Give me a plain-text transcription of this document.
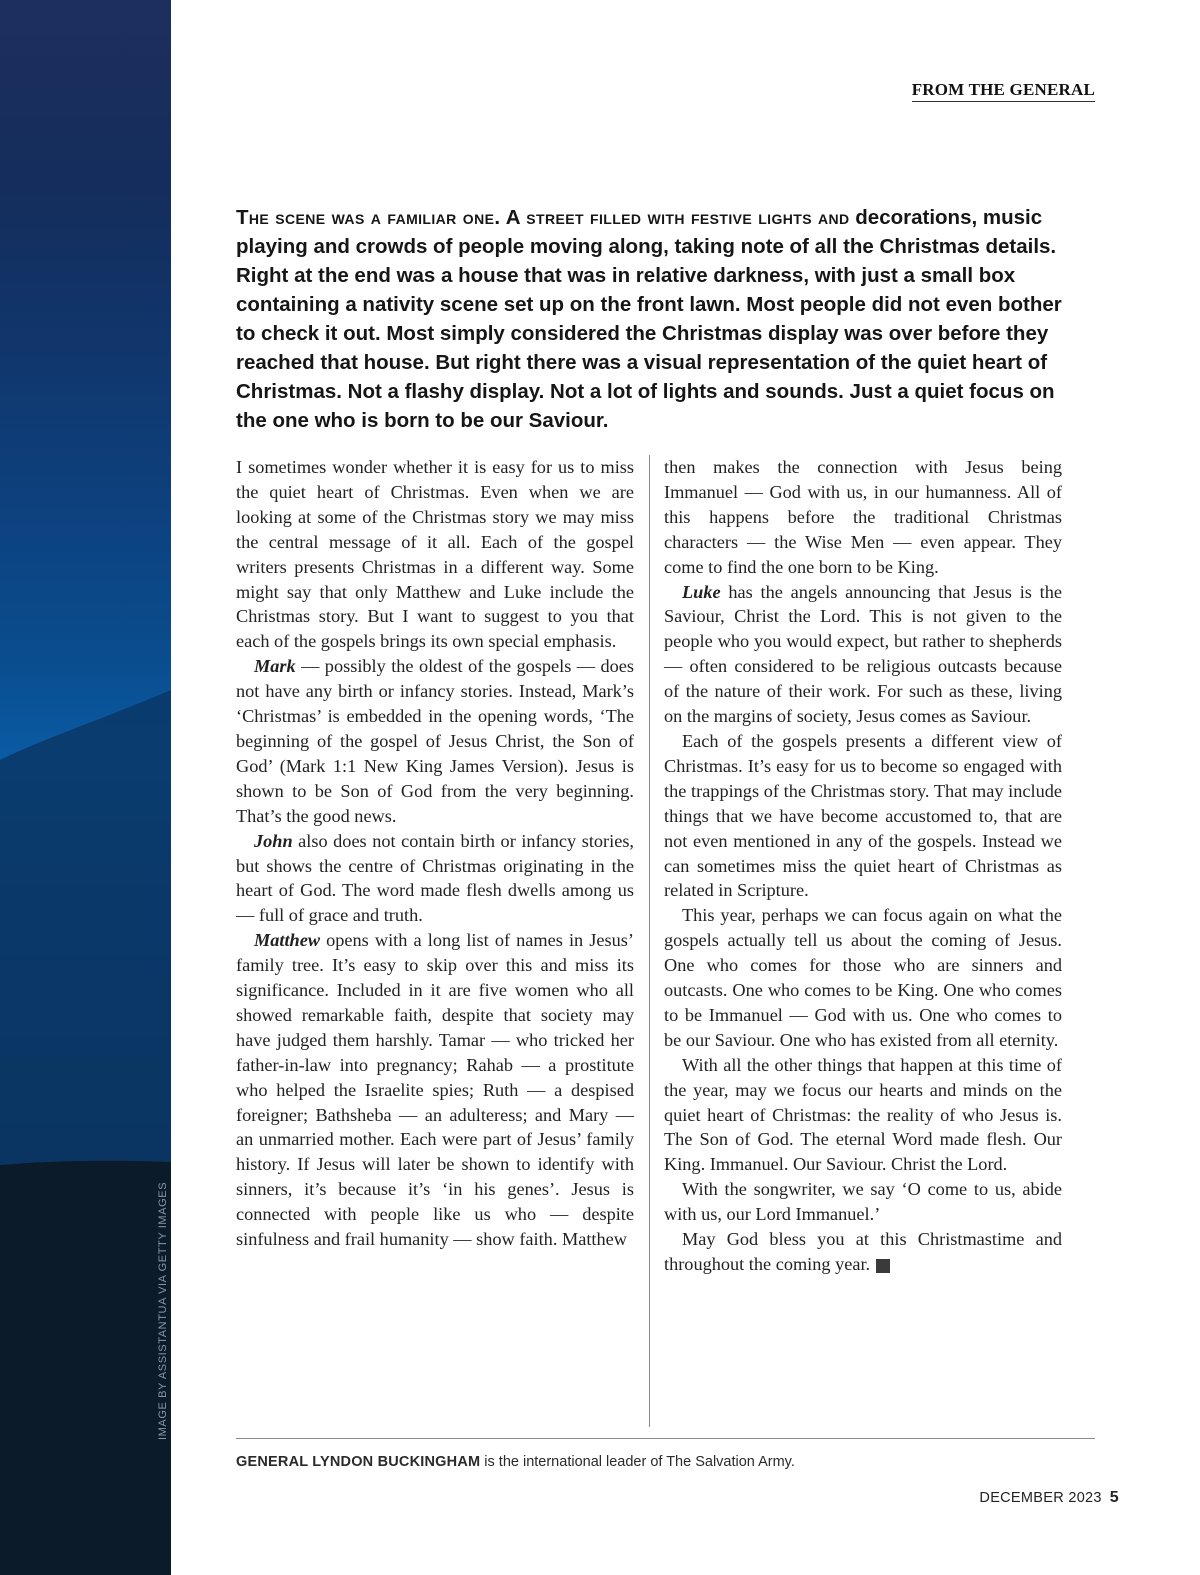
IMAGE BY ASSISTANTUA VIA GETTY IMAGES
FROM THE GENERAL

The scene was a familiar one. A street filled with festive lights and decorations, music playing and crowds of people moving along, taking note of all the Christmas details. Right at the end was a house that was in relative darkness, with just a small box containing a nativity scene set up on the front lawn. Most people did not even bother to check it out. Most simply considered the Christmas display was over before they reached that house. But right there was a visual representation of the quiet heart of Christmas. Not a flashy display. Not a lot of lights and sounds. Just a quiet focus on the one who is born to be our Saviour.

I sometimes wonder whether it is easy for us to miss the quiet heart of Christmas. Even when we are looking at some of the Christmas story we may miss the central message of it all. Each of the gospel writers presents Christmas in a different way. Some might say that only Matthew and Luke include the Christmas story. But I want to suggest to you that each of the gospels brings its own special emphasis.

Mark — possibly the oldest of the gospels — does not have any birth or infancy stories. Instead, Mark’s ‘Christmas’ is embedded in the opening words, ‘The beginning of the gospel of Jesus Christ, the Son of God’ (Mark 1:1 New King James Version). Jesus is shown to be Son of God from the very beginning. That’s the good news.

John also does not contain birth or infancy stories, but shows the centre of Christmas originating in the heart of God. The word made flesh dwells among us — full of grace and truth.

Matthew opens with a long list of names in Jesus’ family tree. It’s easy to skip over this and miss its significance. Included in it are five women who all showed remarkable faith, despite that society may have judged them harshly. Tamar — who tricked her father-in-law into pregnancy; Rahab — a prostitute who helped the Israelite spies; Ruth — a despised foreigner; Bathsheba — an adulteress; and Mary — an unmarried mother. Each were part of Jesus’ family history. If Jesus will later be shown to identify with sinners, it’s because it’s ‘in his genes’. Jesus is connected with people like us who — despite sinfulness and frail humanity — show faith. Matthew

then makes the connection with Jesus being Immanuel — God with us, in our humanness. All of this happens before the traditional Christmas characters — the Wise Men — even appear. They come to find the one born to be King.

Luke has the angels announcing that Jesus is the Saviour, Christ the Lord. This is not given to the people who you would expect, but rather to shepherds — often considered to be religious outcasts because of the nature of their work. For such as these, living on the margins of society, Jesus comes as Saviour.

Each of the gospels presents a different view of Christmas. It’s easy for us to become so engaged with the trappings of the Christmas story. That may include things that we have become accustomed to, that are not even mentioned in any of the gospels. Instead we can sometimes miss the quiet heart of Christmas as related in Scripture.

This year, perhaps we can focus again on what the gospels actually tell us about the coming of Jesus. One who comes for those who are sinners and outcasts. One who comes to be King. One who comes to be Immanuel — God with us. One who comes to be our Saviour. One who has existed from all eternity.

With all the other things that happen at this time of the year, may we focus our hearts and minds on the quiet heart of Christmas: the reality of who Jesus is. The Son of God. The eternal Word made flesh. Our King. Immanuel. Our Saviour. Christ the Lord.

With the songwriter, we say ‘O come to us, abide with us, our Lord Immanuel.’

May God bless you at this Christmastime and throughout the coming year. ✦

GENERAL LYNDON BUCKINGHAM is the international leader of The Salvation Army.
DECEMBER 2023 5
